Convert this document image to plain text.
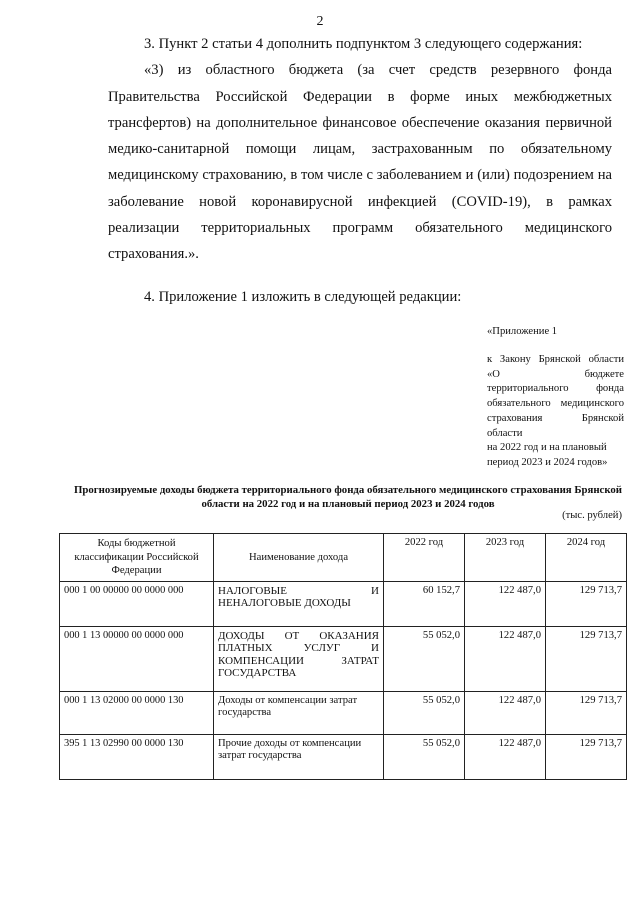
2
3. Пункт 2 статьи 4 дополнить подпунктом 3 следующего содержания:
«3) из областного бюджета (за счет средств резервного фонда Правительства Российской Федерации в форме иных межбюджетных трансфертов) на дополнительное финансовое обеспечение оказания первичной медико-санитарной помощи лицам, застрахованным по обязательному медицинскому страхованию, в том числе с заболеванием и (или) подозрением на заболевание новой коронавирусной инфекцией (COVID-19), в рамках реализации территориальных программ обязательного медицинского страхования.».
4. Приложение 1 изложить в следующей редакции:
«Приложение 1
к Закону Брянской области «О бюджете территориального фонда обязательного медицинского страхования Брянской области
на 2022 год и на плановый период 2023 и 2024 годов»
Прогнозируемые доходы бюджета территориального фонда обязательного медицинского страхования Брянской области на 2022 год и на плановый период 2023 и 2024 годов
(тыс. рублей)
Коды бюджетной классификации Российской Федерации	Наименование дохода	2022 год	2023 год	2024 год
000 1 00 00000 00 0000 000	НАЛОГОВЫЕ И НЕНАЛОГОВЫЕ ДОХОДЫ	60 152,7	122 487,0	129 713,7
000 1 13 00000 00 0000 000	ДОХОДЫ ОТ ОКАЗАНИЯ ПЛАТНЫХ УСЛУГ И КОМПЕНСАЦИИ ЗАТРАТ ГОСУДАРСТВА	55 052,0	122 487,0	129 713,7
000 1 13 02000 00 0000 130	Доходы от компенсации затрат государства	55 052,0	122 487,0	129 713,7
395 1 13 02990 00 0000 130	Прочие доходы от компенсации затрат государства	55 052,0	122 487,0	129 713,7
